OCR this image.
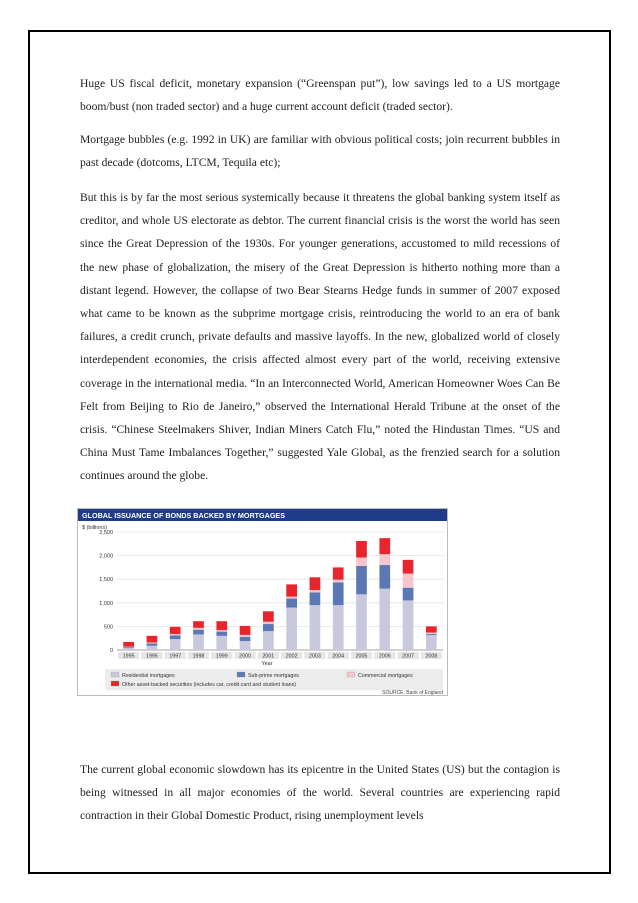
Huge US fiscal deficit, monetary expansion (“Greenspan put”), low savings led to a US mortgage boom/bust (non traded sector) and a huge current account deficit (traded sector).

Mortgage bubbles (e.g. 1992 in UK) are familiar with obvious political costs; join recurrent bubbles in past decade (dotcoms, LTCM, Tequila etc);

But this is by far the most serious systemically because it threatens the global banking system itself as creditor, and whole US electorate as debtor. The current financial crisis is the worst the world has seen since the Great Depression of the 1930s. For younger generations, accustomed to mild recessions of the new phase of globalization, the misery of the Great Depression is hitherto nothing more than a distant legend. However, the collapse of two Bear Stearns Hedge funds in summer of 2007 exposed what came to be known as the subprime mortgage crisis, reintroducing the world to an era of bank failures, a credit crunch, private defaults and massive layoffs. In the new, globalized world of closely interdependent economies, the crisis affected almost every part of the world, receiving extensive coverage in the international media. “In an Interconnected World, American Homeowner Woes Can Be Felt from Beijing to Rio de Janeiro,” observed the International Herald Tribune at the onset of the crisis. “Chinese Steelmakers Shiver, Indian Miners Catch Flu,” noted the Hindustan Times. “US and China Must Tame Imbalances Together,” suggested Yale Global, as the frenzied search for a solution continues around the globe.

GLOBAL ISSUANCE OF BONDS BACKED BY MORTGAGES
$ (billions)
0
500
1,000
1,500
2,000
2,500
1995 1996 1997 1998 1999 2000 2001 2002 2003 2004 2005 2006 2007 2008
Year
Residential mortgages	Sub-prime mortgages	Commercial mortgages
Other asset-backed securities (includes car, credit card and student loans)
SOURCE: Bank of England

The current global economic slowdown has its epicentre in the United States (US) but the contagion is being witnessed in all major economies of the world. Several countries are experiencing rapid contraction in their Global Domestic Product, rising unemployment levels
